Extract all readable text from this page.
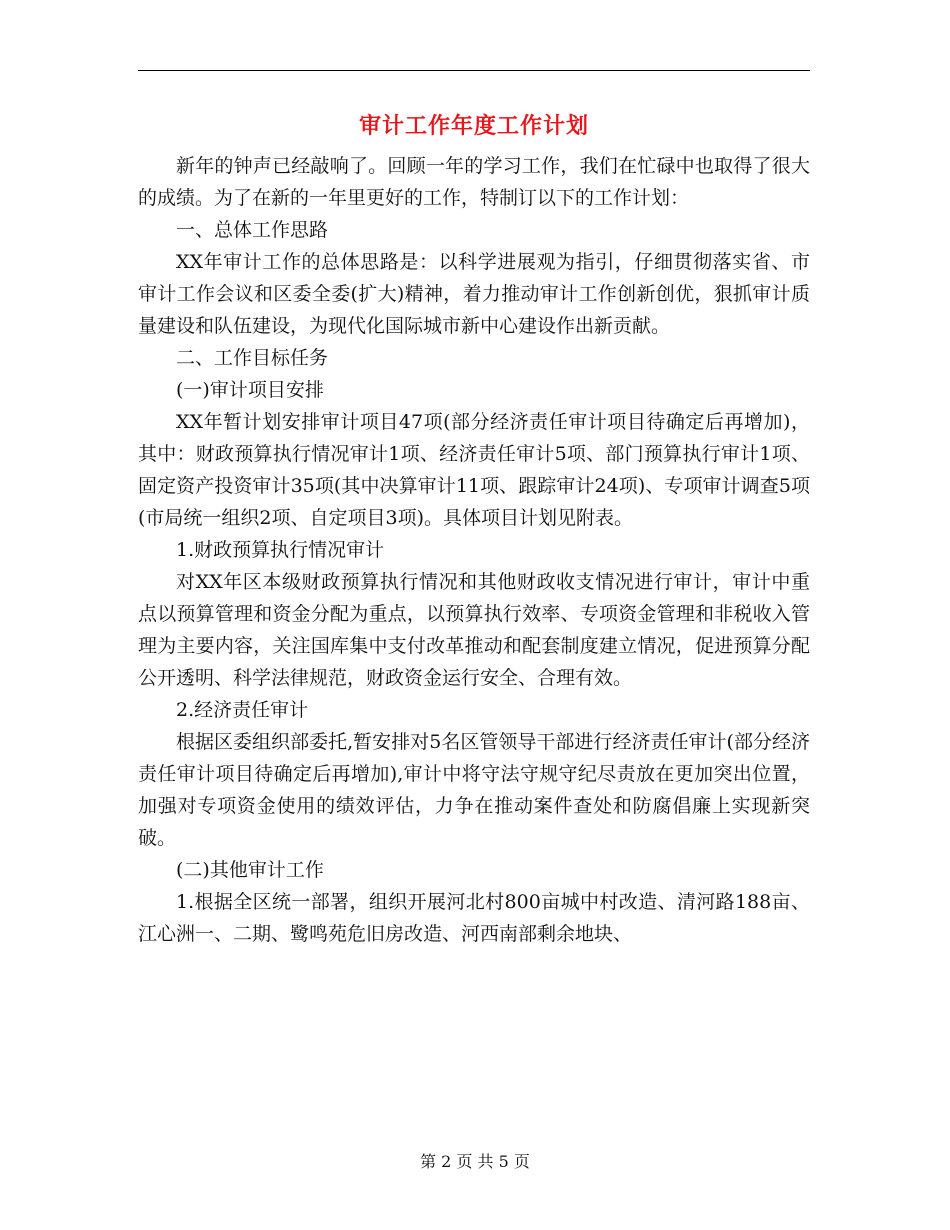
审计工作年度工作计划

新年的钟声已经敲响了。回顾一年的学习工作，我们在忙碌中也取得了很大的成绩。为了在新的一年里更好的工作，特制订以下的工作计划：

一、总体工作思路

XX年审计工作的总体思路是：以科学进展观为指引，仔细贯彻落实省、市审计工作会议和区委全委(扩大)精神，着力推动审计工作创新创优，狠抓审计质量建设和队伍建设，为现代化国际城市新中心建设作出新贡献。

二、工作目标任务

(一)审计项目安排

XX年暂计划安排审计项目47项(部分经济责任审计项目待确定后再增加)，其中：财政预算执行情况审计1项、经济责任审计5项、部门预算执行审计1项、固定资产投资审计35项(其中决算审计11项、跟踪审计24项)、专项审计调查5项(市局统一组织2项、自定项目3项)。具体项目计划见附表。

1.财政预算执行情况审计

对XX年区本级财政预算执行情况和其他财政收支情况进行审计，审计中重点以预算管理和资金分配为重点，以预算执行效率、专项资金管理和非税收入管理为主要内容，关注国库集中支付改革推动和配套制度建立情况，促进预算分配公开透明、科学法律规范，财政资金运行安全、合理有效。

2.经济责任审计

根据区委组织部委托,暂安排对5名区管领导干部进行经济责任审计(部分经济责任审计项目待确定后再增加),审计中将守法守规守纪尽责放在更加突出位置，加强对专项资金使用的绩效评估，力争在推动案件查处和防腐倡廉上实现新突破。

(二)其他审计工作

1.根据全区统一部署，组织开展河北村800亩城中村改造、清河路188亩、江心洲一、二期、鹭鸣苑危旧房改造、河西南部剩余地块、

第 2 页 共 5 页
